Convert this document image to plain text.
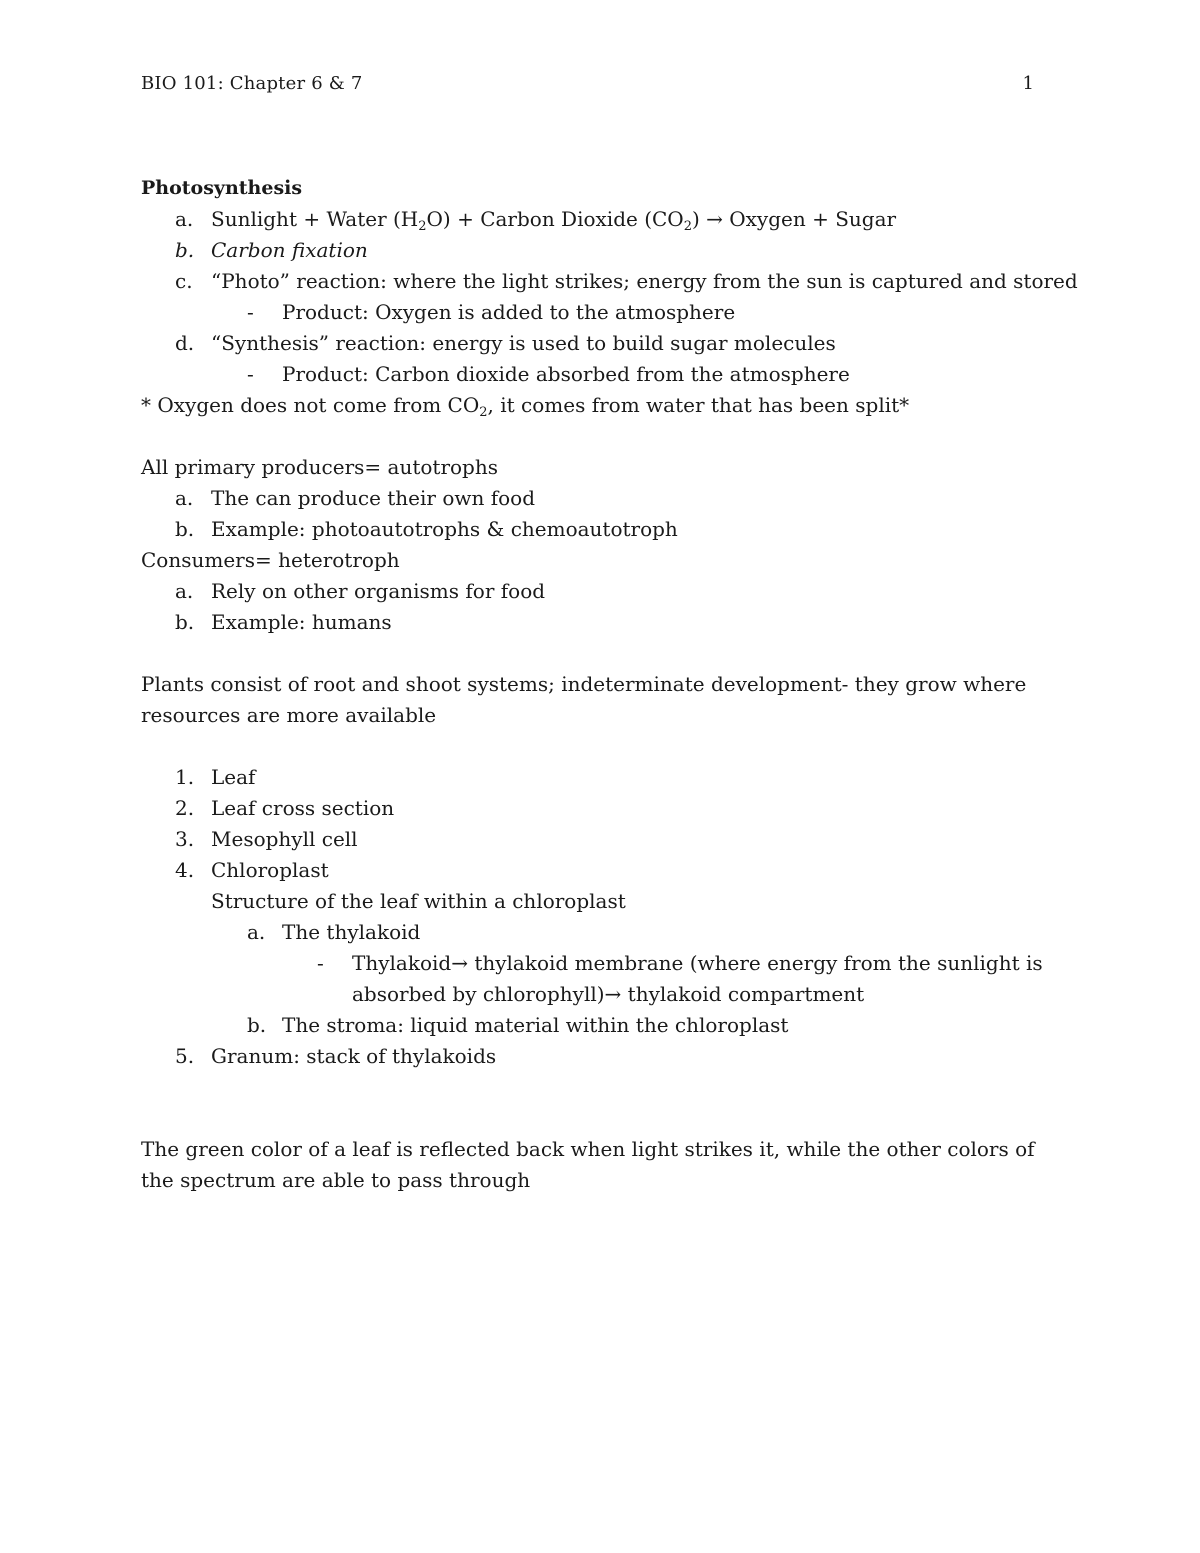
BIO 101: Chapter 6 & 7	1
Photosynthesis
a. Sunlight + Water $(H_2O)$ + Carbon Dioxide $(CO_2)$ → Oxygen + Sugar
b. Carbon fixation
c. “Photo” reaction: where the light strikes; energy from the sun is captured and stored
- Product: Oxygen is added to the atmosphere
d. “Synthesis” reaction: energy is used to build sugar molecules
- Product: Carbon dioxide absorbed from the atmosphere
* Oxygen does not come from $CO_2$, it comes from water that has been split*
All primary producers= autotrophs
a. The can produce their own food
b. Example: photoautotrophs & chemoautotroph
Consumers= heterotroph
a. Rely on other organisms for food
b. Example: humans
Plants consist of root and shoot systems; indeterminate development- they grow where resources are more available
1. Leaf
2. Leaf cross section
3. Mesophyll cell
4. Chloroplast
Structure of the leaf within a chloroplast
a. The thylakoid
- Thylakoid→ thylakoid membrane (where energy from the sunlight is
absorbed by chlorophyll)→ thylakoid compartment
b. The stroma: liquid material within the chloroplast
5. Granum: stack of thylakoids
The green color of a leaf is reflected back when light strikes it, while the other colors of the spectrum are able to pass through
